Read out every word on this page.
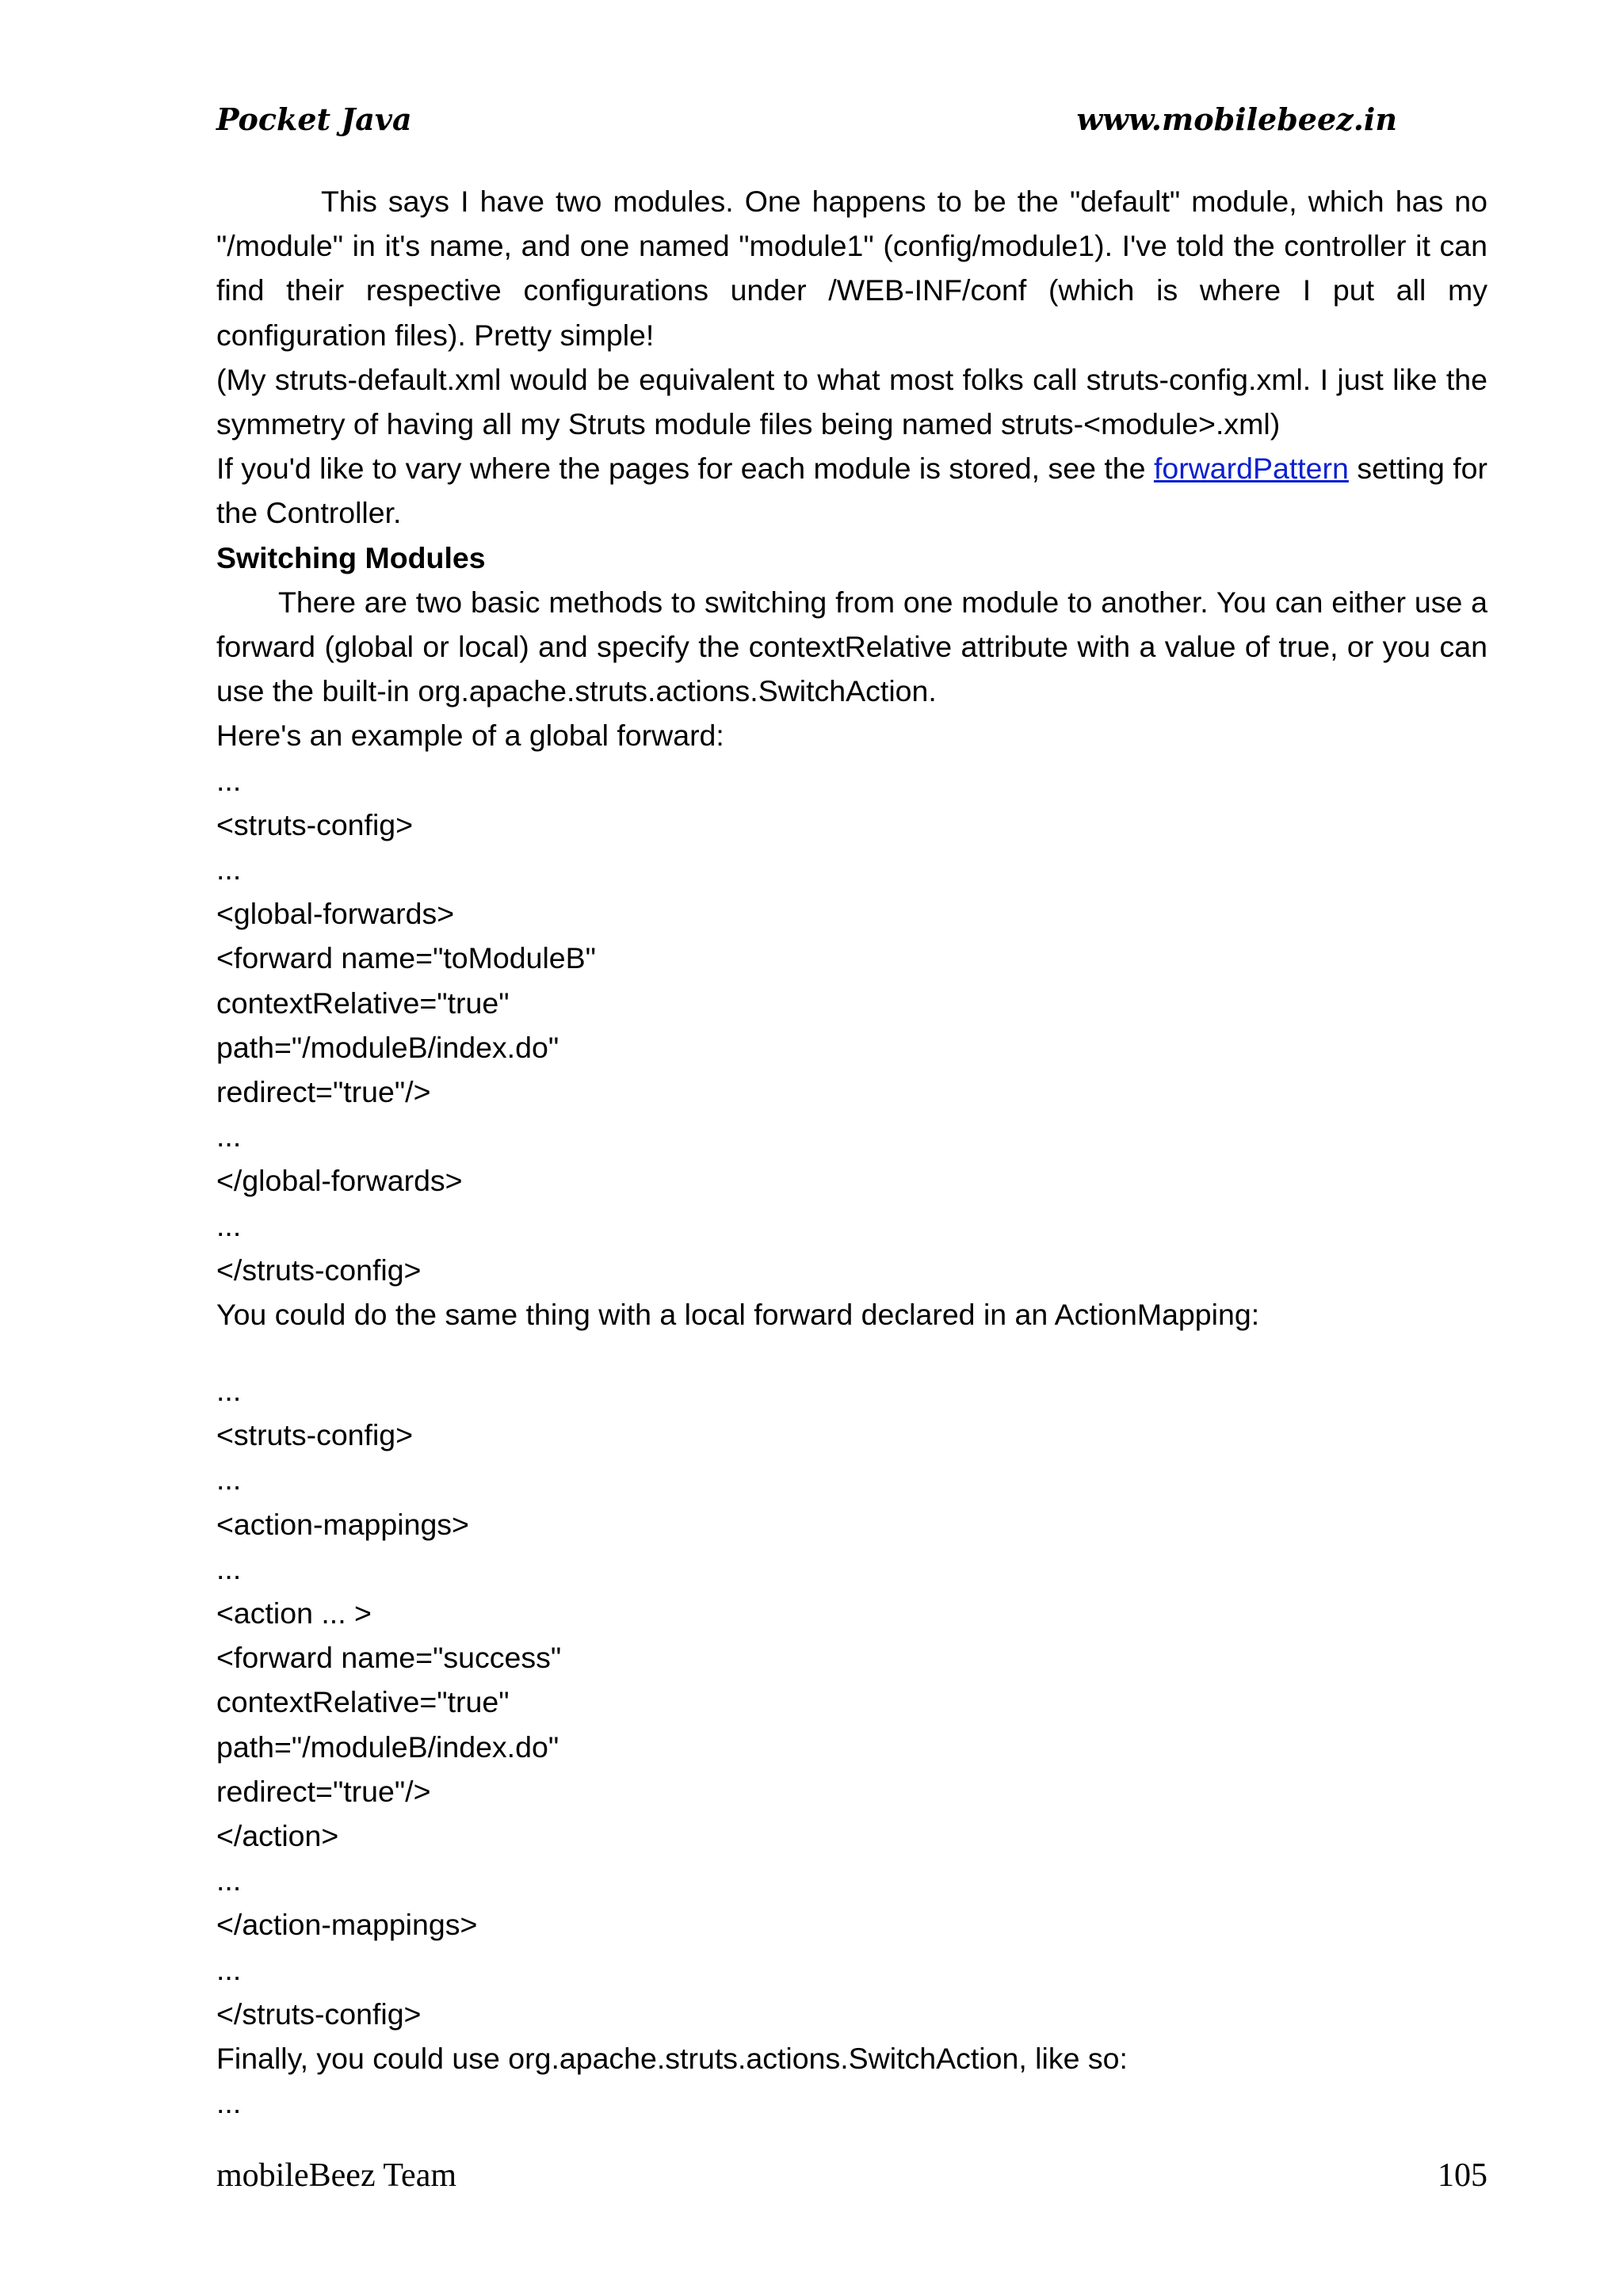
Pocket Java	www.mobilebeez.in

This says I have two modules. One happens to be the "default" module, which has no "/module" in it's name, and one named "module1" (config/module1). I've told the controller it can find their respective configurations under /WEB-INF/conf (which is where I put all my configuration files). Pretty simple!

(My struts-default.xml would be equivalent to what most folks call struts-config.xml. I just like the symmetry of having all my Struts module files being named struts-<module>.xml)

If you'd like to vary where the pages for each module is stored, see the forwardPattern setting for the Controller.

Switching Modules

There are two basic methods to switching from one module to another. You can either use a forward (global or local) and specify the contextRelative attribute with a value of true, or you can use the built-in org.apache.struts.actions.SwitchAction.

Here's an example of a global forward:

...
<struts-config>
...
<global-forwards>
<forward name="toModuleB"
contextRelative="true"
path="/moduleB/index.do"
redirect="true"/>
...
</global-forwards>
...
</struts-config>

You could do the same thing with a local forward declared in an ActionMapping:

...
<struts-config>
...
<action-mappings>
...
<action ... >
<forward name="success"
contextRelative="true"
path="/moduleB/index.do"
redirect="true"/>
</action>
...
</action-mappings>
...
</struts-config>

Finally, you could use org.apache.struts.actions.SwitchAction, like so:

...
mobileBeez Team	105
